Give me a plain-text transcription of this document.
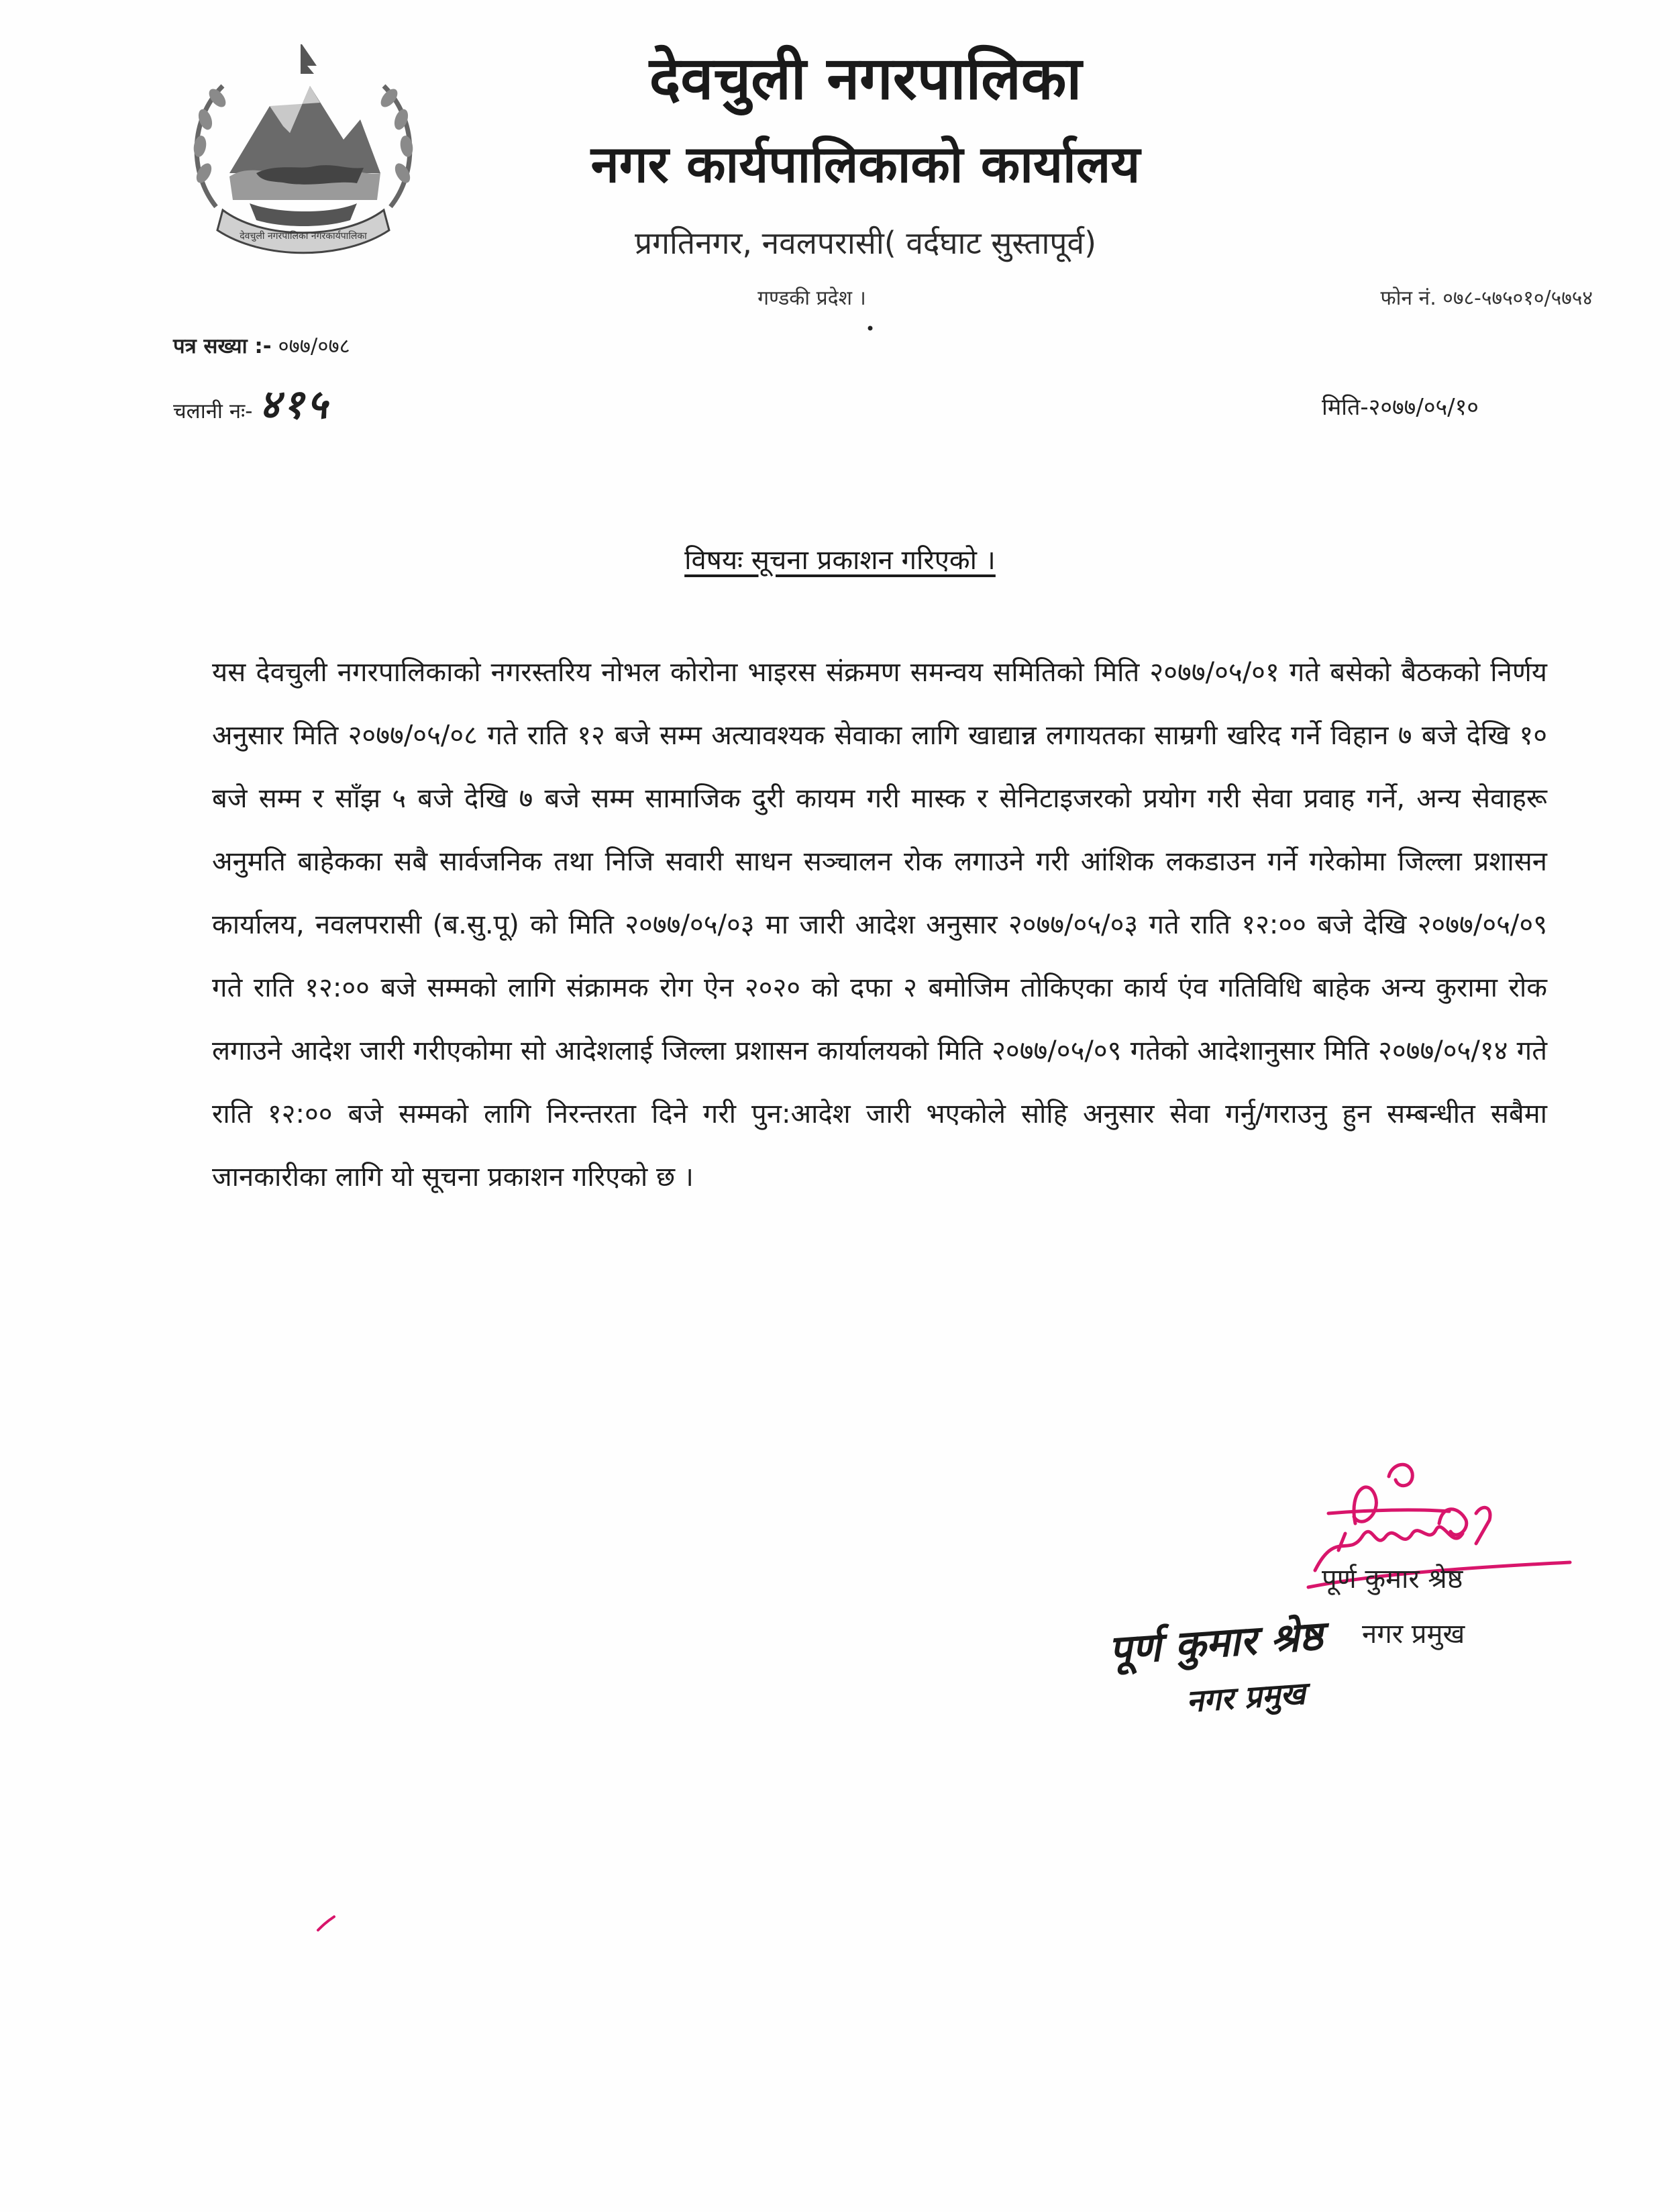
देवचुली नगरपालिका नगरकार्यपालिका
देवचुली नगरपालिका
नगर कार्यपालिकाको कार्यालय
प्रगतिनगर, नवलपरासी( वर्दघाट सुस्तापूर्व)
गण्डकी प्रदेश ।	फोन नं. ०७८-५७५०१०/५७५४
पत्र सख्या :- ०७७/०७८
चलानी नः- ४१५	मिति-२०७७/०५/१०
विषयः सूचना प्रकाशन गरिएको ।
यस देवचुली नगरपालिकाको नगरस्तरिय नोभल कोरोना भाइरस संक्रमण समन्वय समितिको मिति २०७७/०५/०१ गते बसेको बैठकको निर्णय अनुसार मिति २०७७/०५/०८ गते राति १२ बजे सम्म अत्यावश्यक सेवाका लागि खाद्यान्न लगायतका साम्रगी खरिद गर्ने विहान ७ बजे देखि १० बजे सम्म र साँझ ५ बजे देखि ७ बजे सम्म सामाजिक दुरी कायम गरी मास्क र सेनिटाइजरको प्रयोग गरी सेवा प्रवाह गर्ने, अन्य सेवाहरू अनुमति बाहेकका सबै सार्वजनिक तथा निजि सवारी साधन सञ्चालन रोक लगाउने गरी आंशिक लकडाउन गर्ने गरेकोमा जिल्ला प्रशासन कार्यालय, नवलपरासी (ब.सु.पू) को मिति २०७७/०५/०३ मा जारी आदेश अनुसार २०७७/०५/०३ गते राति १२:०० बजे देखि २०७७/०५/०९ गते राति १२:०० बजे सम्मको लागि संक्रामक रोग ऐन २०२० को दफा २ बमोजिम तोकिएका कार्य एंव गतिविधि बाहेक अन्य कुरामा रोक लगाउने आदेश जारी गरीएकोमा सो आदेशलाई जिल्ला प्रशासन कार्यालयको मिति २०७७/०५/०९ गतेको आदेशानुसार मिति २०७७/०५/१४ गते राति १२:०० बजे सम्मको लागि निरन्तरता दिने गरी पुन:आदेश जारी भएकोले सोहि अनुसार सेवा गर्नु/गराउनु हुन सम्बन्धीत सबैमा जानकारीका लागि यो सूचना प्रकाशन गरिएको छ ।
पूर्ण कुमार श्रेष्ठ
नगर प्रमुख
पूर्ण कुमार श्रेष्ठ
नगर प्रमुख
